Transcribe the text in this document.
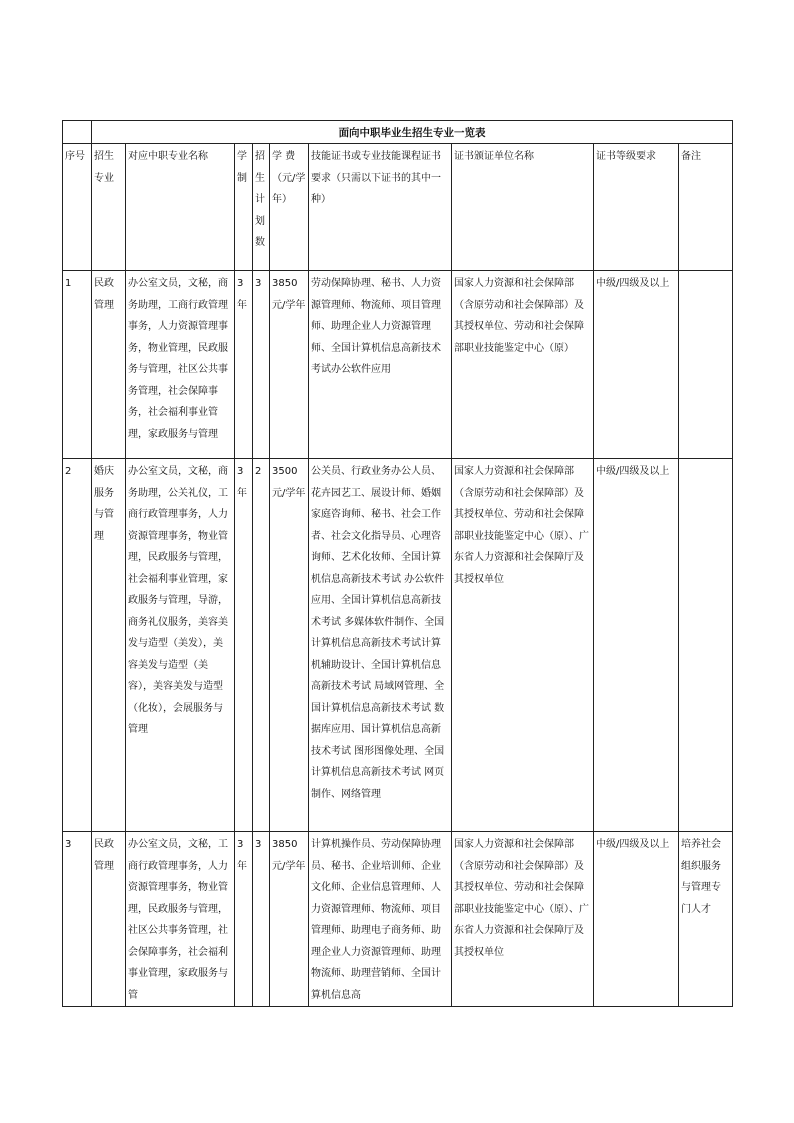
	面向中职毕业生招生专业一览表								
序号	招生专业	对应中职专业名称	学制	招生计划数	学 费（元/学年）	技能证书或专业技能课程证书要求（只需以下证书的其中一种）	证书颁证单位名称	证书等级要求	备注
1	民政管理	办公室文员，文秘，商务助理，工商行政管理事务，人力资源管理事务，物业管理，民政服务与管理，社区公共事务管理，社会保障事务，社会福利事业管理，家政服务与管理	3年	3	3850元/学年	劳动保障协理、秘书、人力资源管理师、物流师、项目管理师、助理企业人力资源管理师、全国计算机信息高新技术考试办公软件应用	国家人力资源和社会保障部（含原劳动和社会保障部）及其授权单位、劳动和社会保障部职业技能鉴定中心（原）	中级/四级及以上	
2	婚庆服务与管理	办公室文员，文秘，商务助理，公关礼仪，工商行政管理事务，人力资源管理事务，物业管理，民政服务与管理，社会福利事业管理，家政服务与管理，导游，商务礼仪服务，美容美发与造型（美发），美容美发与造型（美容），美容美发与造型（化妆），会展服务与管理	3年	2	3500元/学年	公关员、行政业务办公人员、花卉园艺工、展设计师、婚姻家庭咨询师、秘书、社会工作者、社会文化指导员、心理咨询师、艺术化妆师、全国计算机信息高新技术考试 办公软件应用、全国计算机信息高新技术考试 多媒体软件制作、全国计算机信息高新技术考试计算机辅助设计、全国计算机信息高新技术考试 局域网管理、全国计算机信息高新技术考试 数据库应用、国计算机信息高新技术考试 图形图像处理、全国计算机信息高新技术考试 网页制作、网络管理	国家人力资源和社会保障部（含原劳动和社会保障部）及其授权单位、劳动和社会保障部职业技能鉴定中心（原）、广东省人力资源和社会保障厅及其授权单位	中级/四级及以上	
3	民政管理	办公室文员，文秘，工商行政管理事务，人力资源管理事务，物业管理，民政服务与管理，社区公共事务管理，社会保障事务，社会福利事业管理，家政服务与管	3年	3	3850元/学年	计算机操作员、劳动保障协理员、秘书、企业培训师、企业文化师、企业信息管理师、人力资源管理师、物流师、项目管理师、助理电子商务师、助理企业人力资源管理师、助理物流师、助理营销师、全国计算机信息高	国家人力资源和社会保障部（含原劳动和社会保障部）及其授权单位、劳动和社会保障部职业技能鉴定中心（原）、广东省人力资源和社会保障厅及其授权单位	中级/四级及以上	培养社会组织服务与管理专门人才
